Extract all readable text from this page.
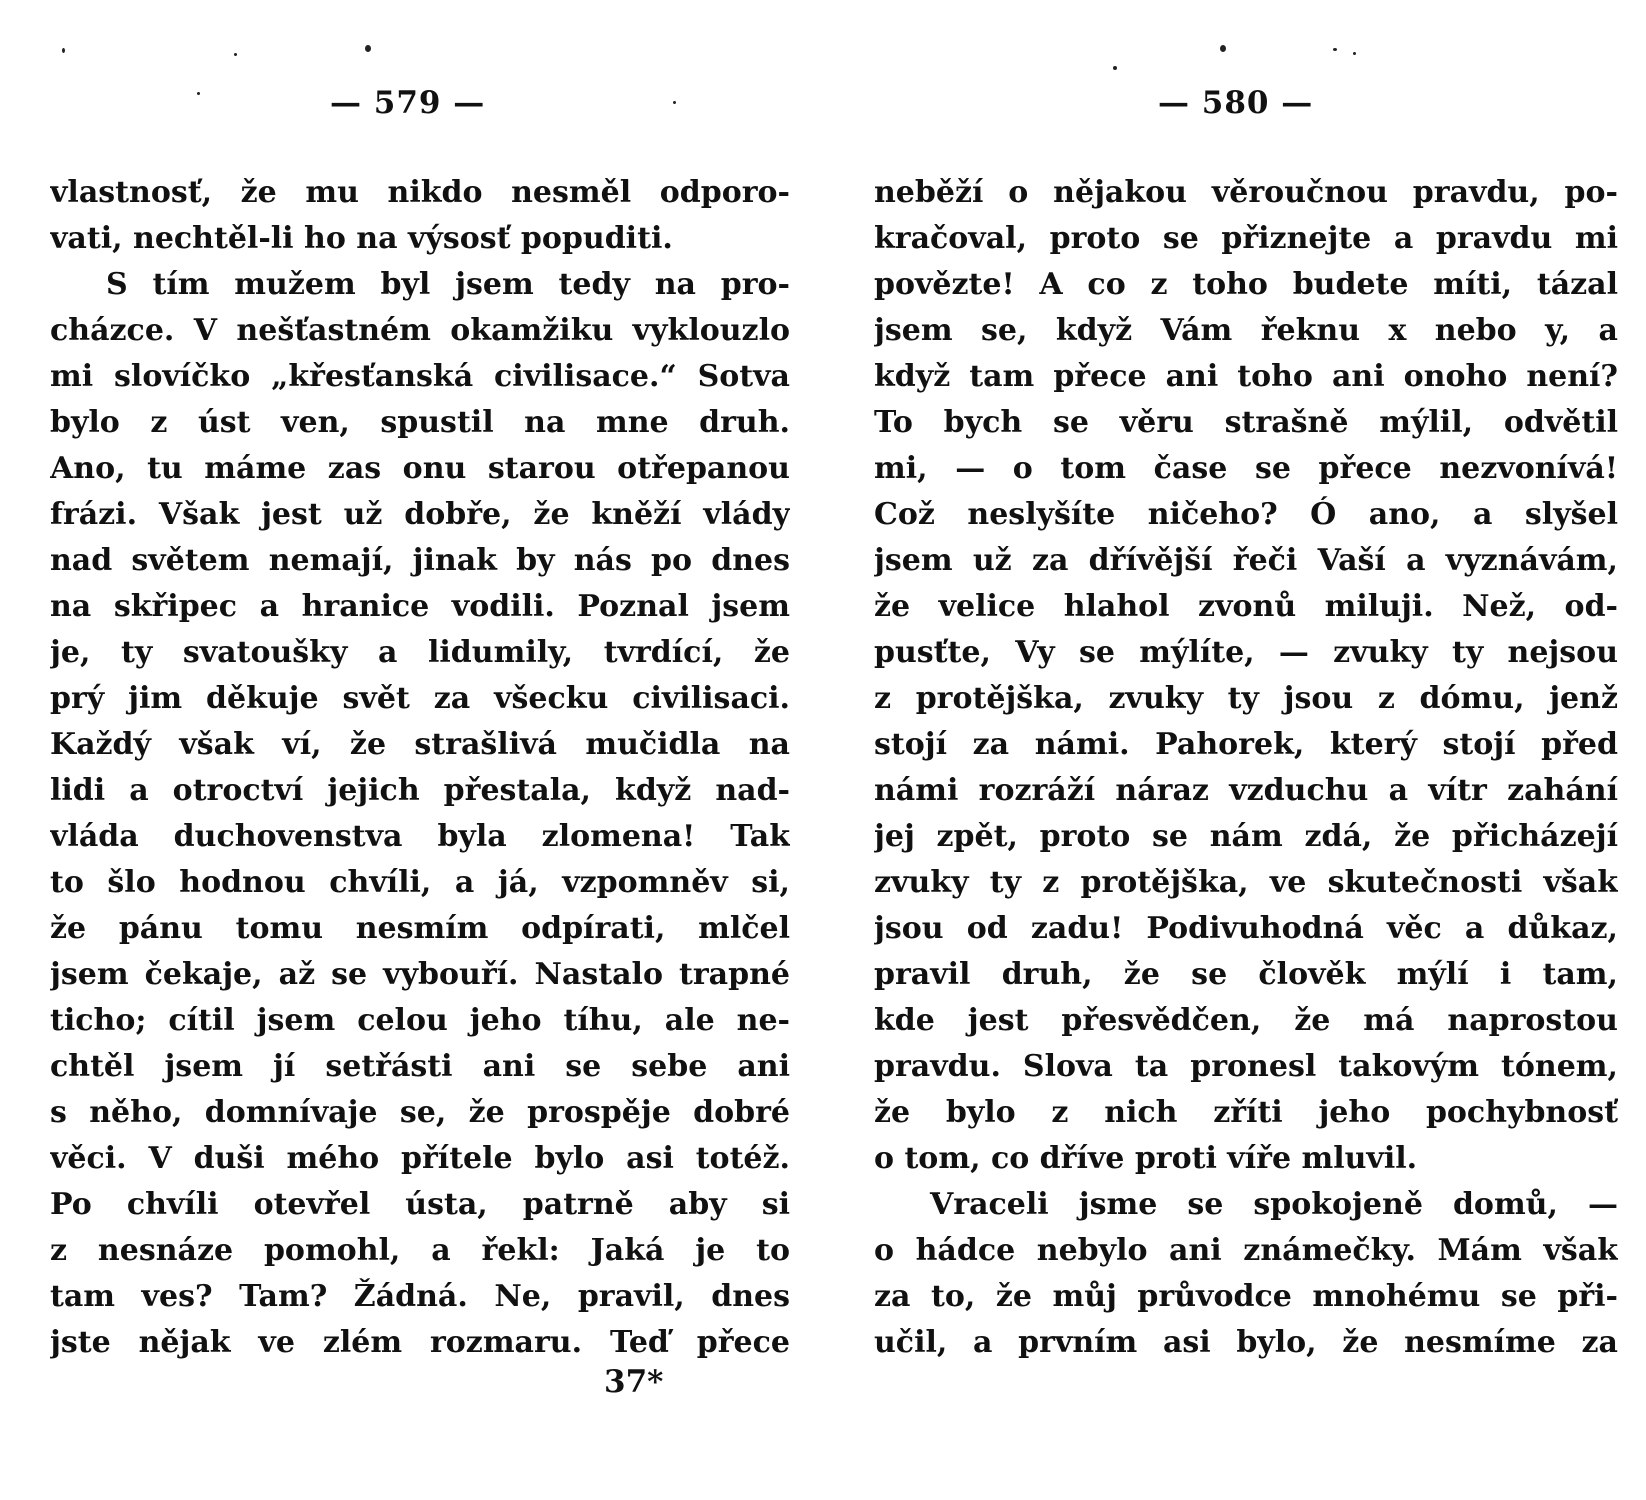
— 579 —
vlastnosť, že mu nikdo nesměl odporo-
vati, nechtěl-li ho na výsosť popuditi.
S tím mužem byl jsem tedy na pro-
cházce. V nešťastném okamžiku vyklouzlo
mi slovíčko „křesťanská civilisace.“ Sotva
bylo z úst ven, spustil na mne druh.
Ano, tu máme zas onu starou otřepanou
frázi. Však jest už dobře, že kněží vlády
nad světem nemají, jinak by nás po dnes
na skřipec a hranice vodili. Poznal jsem
je, ty svatoušky a lidumily, tvrdící, že
prý jim děkuje svět za všecku civilisaci.
Každý však ví, že strašlivá mučidla na
lidi a otroctví jejich přestala, když nad-
vláda duchovenstva byla zlomena! Tak
to šlo hodnou chvíli, a já, vzpomněv si,
že pánu tomu nesmím odpírati, mlčel
jsem čekaje, až se vybouří. Nastalo trapné
ticho; cítil jsem celou jeho tíhu, ale ne-
chtěl jsem jí setřásti ani se sebe ani
s něho, domnívaje se, že prospěje dobré
věci. V duši mého přítele bylo asi totéž.
Po chvíli otevřel ústa, patrně aby si
z nesnáze pomohl, a řekl: Jaká je to
tam ves? Tam? Žádná. Ne, pravil, dnes
jste nějak ve zlém rozmaru. Teď přece
37*
— 580 —
neběží o nějakou věroučnou pravdu, po-
kračoval, proto se přiznejte a pravdu mi
povězte! A co z toho budete míti, tázal
jsem se, když Vám řeknu x nebo y, a
když tam přece ani toho ani onoho není?
To bych se věru strašně mýlil, odvětil
mi, — o tom čase se přece nezvonívá!
Což neslyšíte ničeho? Ó ano, a slyšel
jsem už za dřívější řeči Vaší a vyznávám,
že velice hlahol zvonů miluji. Než, od-
pusťte, Vy se mýlíte, — zvuky ty nejsou
z protějška, zvuky ty jsou z dómu, jenž
stojí za námi. Pahorek, který stojí před
námi rozráží náraz vzduchu a vítr zahání
jej zpět, proto se nám zdá, že přicházejí
zvuky ty z protějška, ve skutečnosti však
jsou od zadu! Podivuhodná věc a důkaz,
pravil druh, že se člověk mýlí i tam,
kde jest přesvědčen, že má naprostou
pravdu. Slova ta pronesl takovým tónem,
že bylo z nich zříti jeho pochybnosť
o tom, co dříve proti víře mluvil.
Vraceli jsme se spokojeně domů, —
o hádce nebylo ani známečky. Mám však
za to, že můj průvodce mnohému se při-
učil, a prvním asi bylo, že nesmíme za
